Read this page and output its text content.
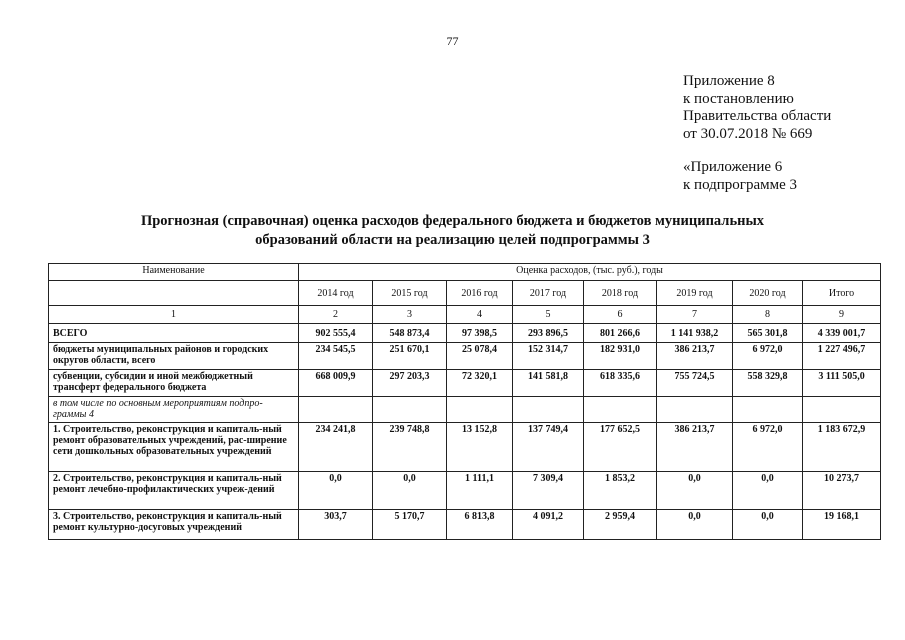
77
Приложение 8
к постановлению
Правительства области
от 30.07.2018 № 669
«Приложение 6
к подпрограмме 3
Прогнозная (справочная) оценка расходов федерального бюджета и бюджетов муниципальных
образований области на реализацию целей подпрограммы 3
Наименование	Оценка расходов, (тыс. руб.), годы							
	2014 год	2015 год	2016 год	2017 год	2018 год	2019 год	2020 год	Итого
1	2	3	4	5	6	7	8	9
ВСЕГО	902 555,4	548 873,4	97 398,5	293 896,5	801 266,6	1 141 938,2	565 301,8	4 339 001,7
бюджеты муниципальных районов и городских округов области, всего	234 545,5	251 670,1	25 078,4	152 314,7	182 931,0	386 213,7	6 972,0	1 227 496,7
субвенции, субсидии и иной межбюджетный трансферт федерального бюджета	668 009,9	297 203,3	72 320,1	141 581,8	618 335,6	755 724,5	558 329,8	3 111 505,0
в том числе по основным мероприятиям подпро-граммы 4								
1. Строительство, реконструкция и капиталь-ный ремонт образовательных учреждений, рас-ширение сети дошкольных образовательных учреждений	234 241,8	239 748,8	13 152,8	137 749,4	177 652,5	386 213,7	6 972,0	1 183 672,9
2. Строительство, реконструкция и капиталь-ный ремонт лечебно-профилактических учреж-дений	0,0	0,0	1 111,1	7 309,4	1 853,2	0,0	0,0	10 273,7
3. Строительство, реконструкция и капиталь-ный ремонт культурно-досуговых учреждений	303,7	5 170,7	6 813,8	4 091,2	2 959,4	0,0	0,0	19 168,1
